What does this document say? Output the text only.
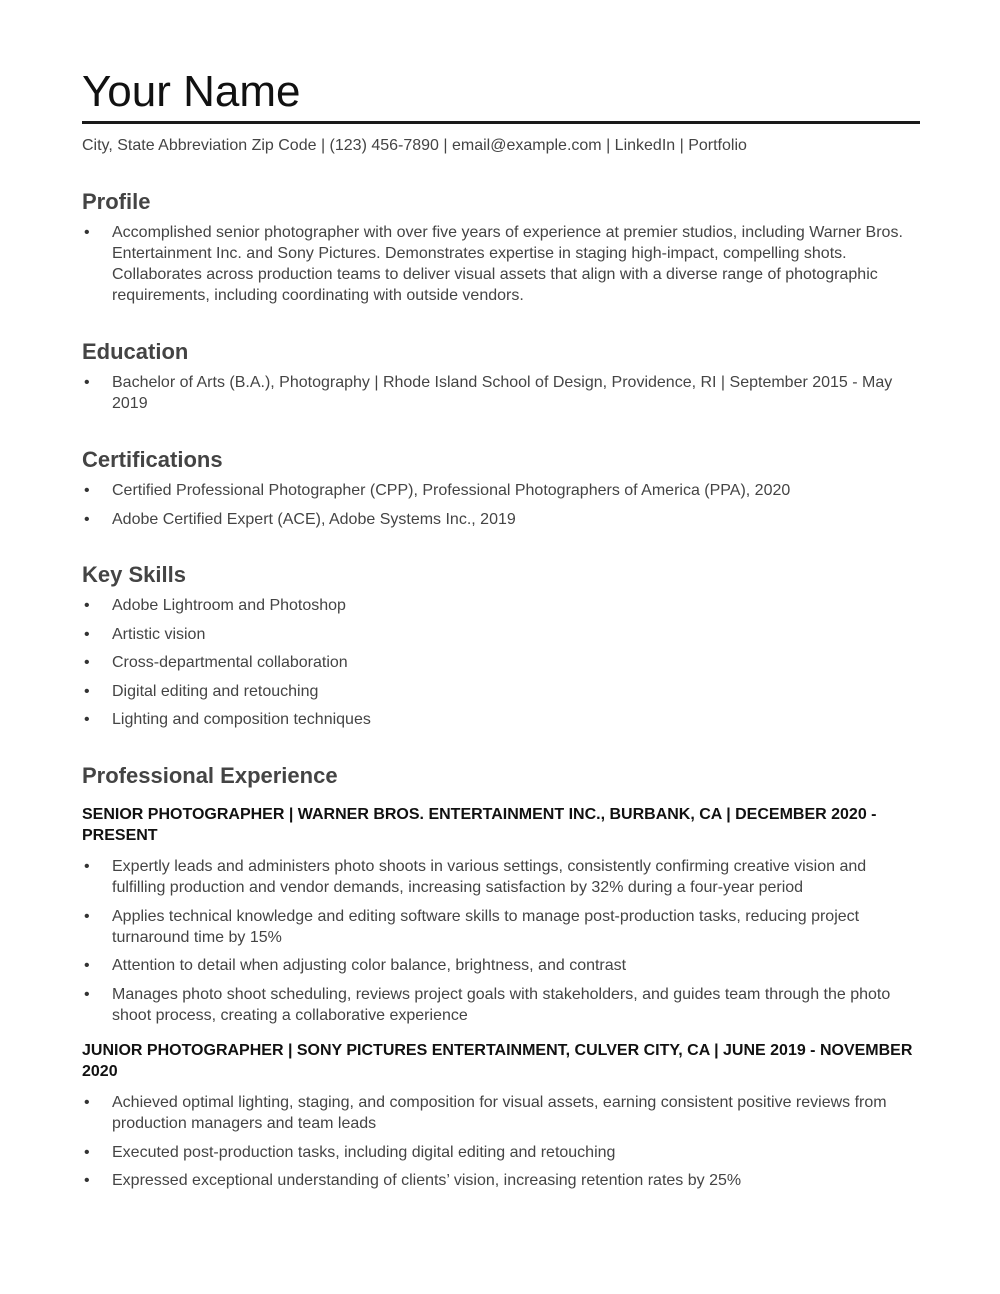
Your Name
City, State Abbreviation Zip Code | (123) 456-7890 | email@example.com | LinkedIn | Portfolio
Profile
• Accomplished senior photographer with over five years of experience at premier studios, including Warner Bros. Entertainment Inc. and Sony Pictures. Demonstrates expertise in staging high-impact, compelling shots. Collaborates across production teams to deliver visual assets that align with a diverse range of photographic requirements, including coordinating with outside vendors.
Education
• Bachelor of Arts (B.A.), Photography | Rhode Island School of Design, Providence, RI | September 2015 - May 2019
Certifications
• Certified Professional Photographer (CPP), Professional Photographers of America (PPA), 2020
• Adobe Certified Expert (ACE), Adobe Systems Inc., 2019
Key Skills
• Adobe Lightroom and Photoshop
• Artistic vision
• Cross-departmental collaboration
• Digital editing and retouching
• Lighting and composition techniques
Professional Experience
SENIOR PHOTOGRAPHER | WARNER BROS. ENTERTAINMENT INC., BURBANK, CA | DECEMBER 2020 - PRESENT
• Expertly leads and administers photo shoots in various settings, consistently confirming creative vision and fulfilling production and vendor demands, increasing satisfaction by 32% during a four-year period
• Applies technical knowledge and editing software skills to manage post-production tasks, reducing project turnaround time by 15%
• Attention to detail when adjusting color balance, brightness, and contrast
• Manages photo shoot scheduling, reviews project goals with stakeholders, and guides team through the photo shoot process, creating a collaborative experience
JUNIOR PHOTOGRAPHER | SONY PICTURES ENTERTAINMENT, CULVER CITY, CA | JUNE 2019 - NOVEMBER 2020
• Achieved optimal lighting, staging, and composition for visual assets, earning consistent positive reviews from production managers and team leads
• Executed post-production tasks, including digital editing and retouching
• Expressed exceptional understanding of clients’ vision, increasing retention rates by 25%
